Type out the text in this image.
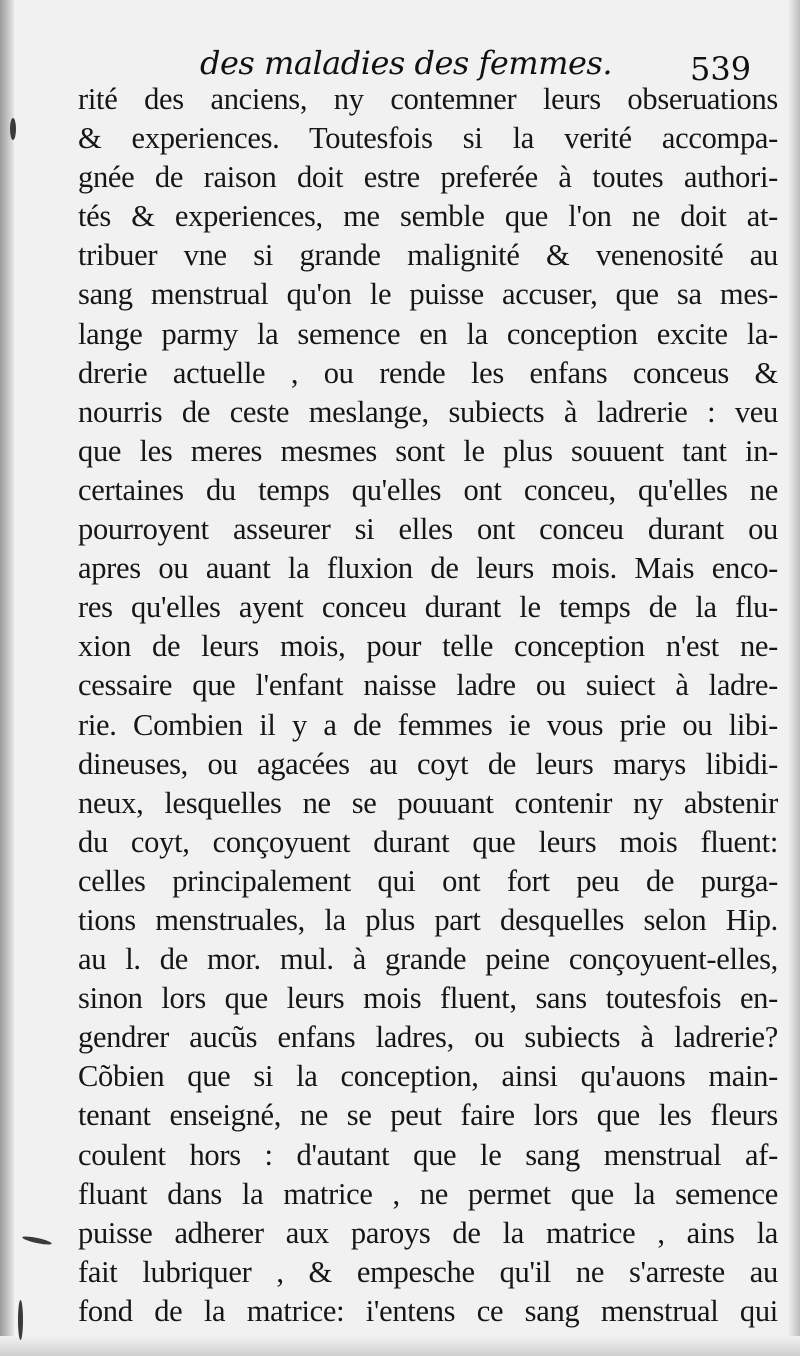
des maladies des femmes. 539
rité des anciens, ny contemner leurs obseruations
& experiences. Toutesfois si la verité accompa-
gnée de raison doit estre preferée à toutes authori-
tés & experiences, me semble que l'on ne doit at-
tribuer vne si grande malignité & venenosité au
sang menstrual qu'on le puisse accuser, que sa mes-
lange parmy la semence en la conception excite la-
drerie actuelle , ou rende les enfans conceus &
nourris de ceste meslange, subiects à ladrerie : veu
que les meres mesmes sont le plus souuent tant in-
certaines du temps qu'elles ont conceu, qu'elles ne
pourroyent asseurer si elles ont conceu durant ou
apres ou auant la fluxion de leurs mois. Mais enco-
res qu'elles ayent conceu durant le temps de la flu-
xion de leurs mois, pour telle conception n'est ne-
cessaire que l'enfant naisse ladre ou suiect à ladre-
rie. Combien il y a de femmes ie vous prie ou libi-
dineuses, ou agacées au coyt de leurs marys libidi-
neux, lesquelles ne se pouuant contenir ny abstenir
du coyt, conçoyuent durant que leurs mois fluent:
celles principalement qui ont fort peu de purga-
tions menstruales, la plus part desquelles selon Hip.
au l. de mor. mul. à grande peine conçoyuent-elles,
sinon lors que leurs mois fluent, sans toutesfois en-
gendrer aucũs enfans ladres, ou subiects à ladrerie?
Cõbien que si la conception, ainsi qu'auons main-
tenant enseigné, ne se peut faire lors que les fleurs
coulent hors : d'autant que le sang menstrual af-
fluant dans la matrice , ne permet que la semence
puisse adherer aux paroys de la matrice , ains la
fait lubriquer , & empesche qu'il ne s'arreste au
fond de la matrice: i'entens ce sang menstrual qui
